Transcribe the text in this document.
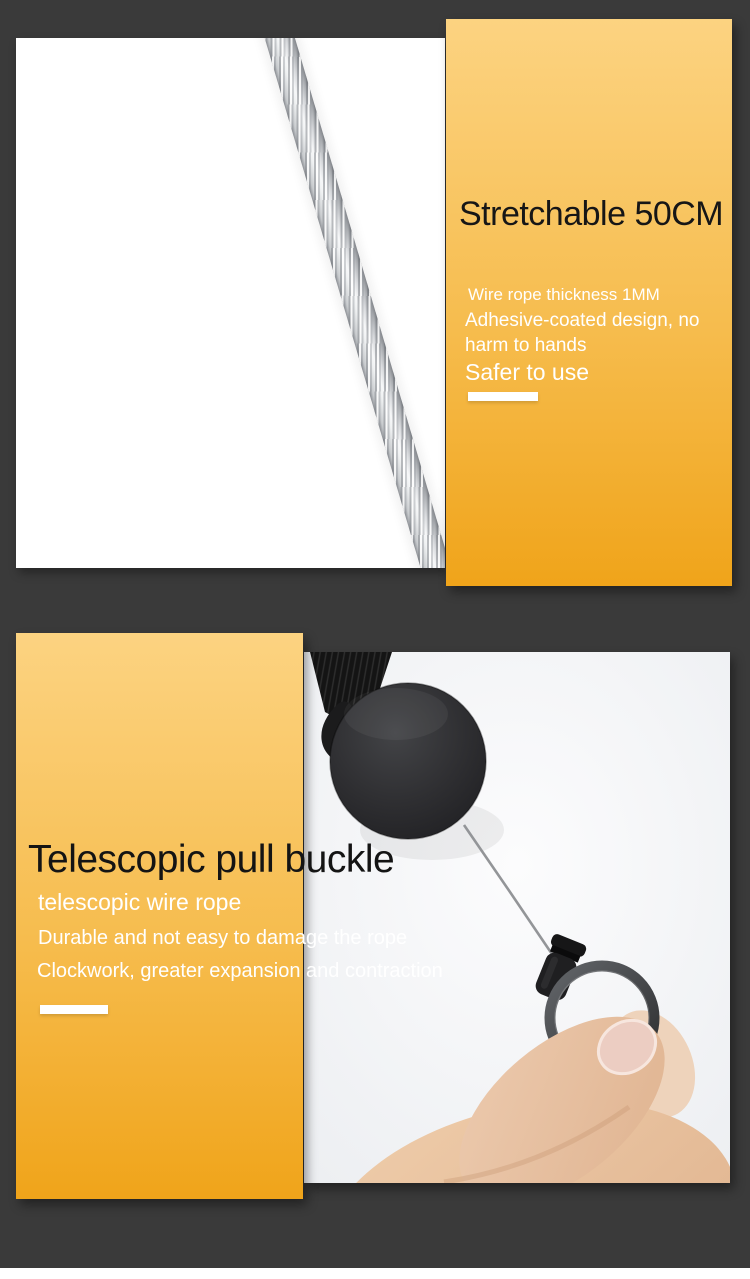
Stretchable 50CM

Wire rope thickness 1MM

Adhesive-coated design, no harm to hands

Safer to use

telescopic wire rope

Durable and not easy to damage the rope

Clockwork, greater expansion and contraction

Telescopic pull buckle
